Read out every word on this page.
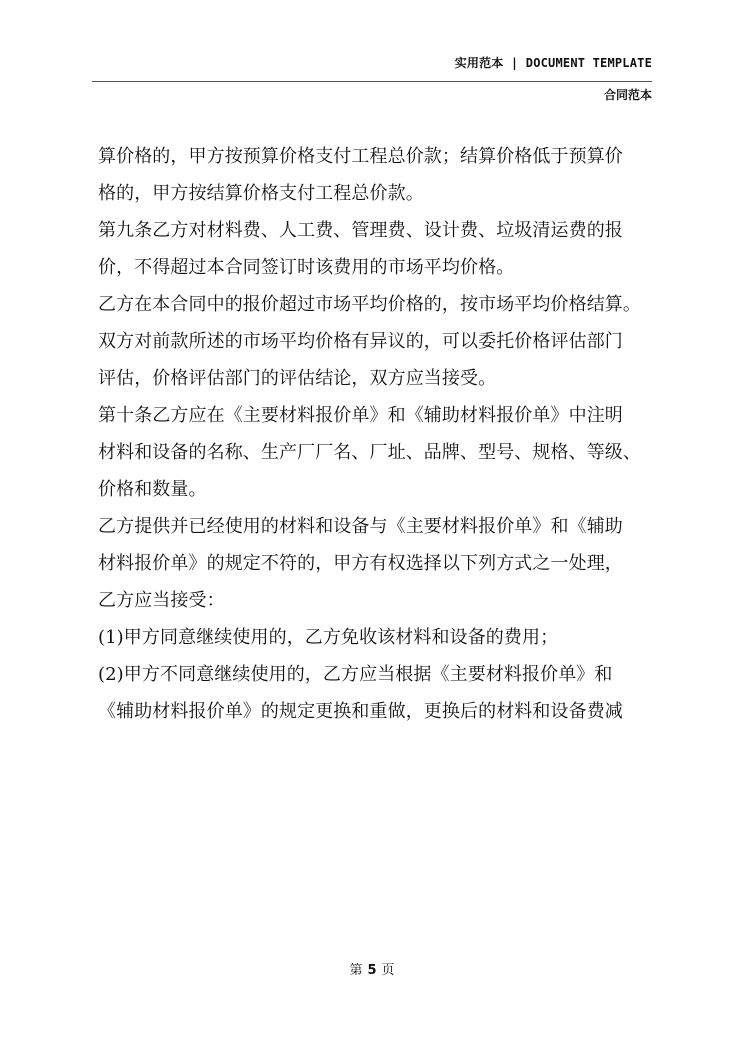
实用范本 | DOCUMENT TEMPLATE
合同范本
算价格的，甲方按预算价格支付工程总价款；结算价格低于预算价
格的，甲方按结算价格支付工程总价款。
第九条乙方对材料费、人工费、管理费、设计费、垃圾清运费的报
价，不得超过本合同签订时该费用的市场平均价格。
乙方在本合同中的报价超过市场平均价格的，按市场平均价格结算。
双方对前款所述的市场平均价格有异议的，可以委托价格评估部门
评估，价格评估部门的评估结论，双方应当接受。
第十条乙方应在《主要材料报价单》和《辅助材料报价单》中注明
材料和设备的名称、生产厂厂名、厂址、品牌、型号、规格、等级、
价格和数量。
乙方提供并已经使用的材料和设备与《主要材料报价单》和《辅助
材料报价单》的规定不符的，甲方有权选择以下列方式之一处理，
乙方应当接受：
(1)甲方同意继续使用的，乙方免收该材料和设备的费用；
(2)甲方不同意继续使用的，乙方应当根据《主要材料报价单》和
《辅助材料报价单》的规定更换和重做，更换后的材料和设备费减
第 5 页
